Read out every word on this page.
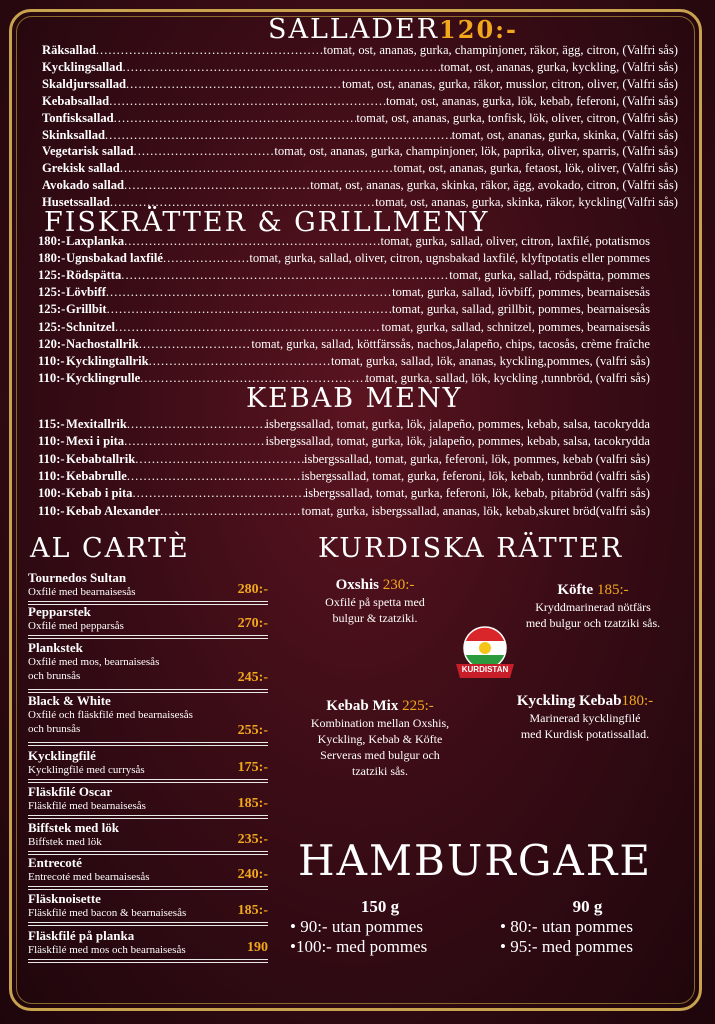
SALLADER120:-
Räksallad .....	tomat, ost, ananas, gurka, champinjoner, räkor, ägg, citron, (Valfri sås)
Kycklingsallad .....	tomat, ost, ananas, gurka, kyckling, (Valfri sås)
Skaldjurssallad .....	tomat, ost, ananas, gurka, räkor, musslor, citron, oliver, (Valfri sås)
Kebabsallad .....	tomat, ost, ananas, gurka, lök, kebab, feferoni, (Valfri sås)
Tonfisksallad .....	tomat, ost, ananas, gurka, tonfisk, lök, oliver, citron, (Valfri sås)
Skinksallad .....	tomat, ost, ananas, gurka, skinka, (Valfri sås)
Vegetarisk sallad .....	tomat, ost, ananas, gurka, champinjoner, lök, paprika, oliver, sparris, (Valfri sås)
Grekisk sallad .....	tomat, ost, ananas, gurka, fetaost, lök, oliver, (Valfri sås)
Avokado sallad .....	tomat, ost, ananas, gurka, skinka, räkor, ägg, avokado, citron, (Valfri sås)
Husetssallad .....	tomat, ost, ananas, gurka, skinka, räkor, kyckling(Valfri sås)
FISKRÄTTER & GRILLMENY
180:- Laxplanka .....	tomat, gurka, sallad, oliver, citron, laxfilé, potatismos
180:- Ugnsbakad laxfilé .....	tomat, gurka, sallad, oliver, citron, ugnsbakad laxfilé, klyftpotatis eller pommes
125:- Rödspätta .....	tomat, gurka, sallad, rödspätta, pommes
125:- Lövbiff .....	tomat, gurka, sallad, lövbiff, pommes, bearnaisesås
125:- Grillbit .....	tomat, gurka, sallad, grillbit, pommes, bearnaisesås
125:- Schnitzel .....	tomat, gurka, sallad, schnitzel, pommes, bearnaisesås
120:- Nachostallrik .....	tomat, gurka, sallad, köttfärssås, nachos,Jalapeño, chips, tacosås, crème fraîche
110:- Kycklingtallrik .....	tomat, gurka, sallad, lök, ananas, kyckling,pommes, (valfri sås)
110:- Kycklingrulle .....	tomat, gurka, sallad, lök, kyckling ,tunnbröd, (valfri sås)
KEBAB MENY
115:- Mexitallrik .....	isbergssallad, tomat, gurka, lök, jalapeño, pommes, kebab, salsa, tacokrydda
110:- Mexi i pita .....	isbergssallad, tomat, gurka, lök, jalapeño, pommes, kebab, salsa, tacokrydda
110:- Kebabtallrik .....	isbergssallad, tomat, gurka, feferoni, lök, pommes, kebab (valfri sås)
110:- Kebabrulle .....	isbergssallad, tomat, gurka, feferoni, lök, kebab, tunnbröd (valfri sås)
100:- Kebab i pita .....	isbergssallad, tomat, gurka, feferoni, lök, kebab, pitabröd (valfri sås)
110:- Kebab Alexander .....	tomat, gurka, isbergssallad, ananas, lök, kebab,skuret bröd(valfri sås)
AL CARTÈ
Tournedos Sultan
Oxfilé med bearnaisesås	280:-
Pepparstek
Oxfilé med pepparsås	270:-
Plankstek
Oxfilé med mos, bearnaisesås
och brunsås	245:-
Black & White
Oxfilé och fläskfilé med bearnaisesås
och brunsås	255:-
Kycklingfilé
Kycklingfilé med currysås	175:-
Fläskfilé Oscar
Fläskfilé med bearnaisesås	185:-
Biffstek med lök
Biffstek med lök	235:-
Entrecoté
Entrecoté med bearnaisesås	240:-
Fläsknoisette
Fläskfilé med bacon & bearnaisesås	185:-
Fläskfilé på planka
Fläskfilé med mos och bearnaisesås	190
KURDISKA RÄTTER
Oxshis 230:-
Oxfilé på spetta med
bulgur & tzatziki.
Köfte 185:-
Kryddmarinerad nötfärs
med bulgur och tzatziki sås.
KURDISTAN
Kebab Mix 225:-
Kombination mellan Oxshis,
Kyckling, Kebab & Köfte
Serveras med bulgur och
tzatziki sås.
Kyckling Kebab180:-
Marinerad kycklingfilé
med Kurdisk potatissallad.
HAMBURGARE
150 g
• 90:- utan pommes
•100:- med pommes
90 g
• 80:- utan pommes
• 95:- med pommes
